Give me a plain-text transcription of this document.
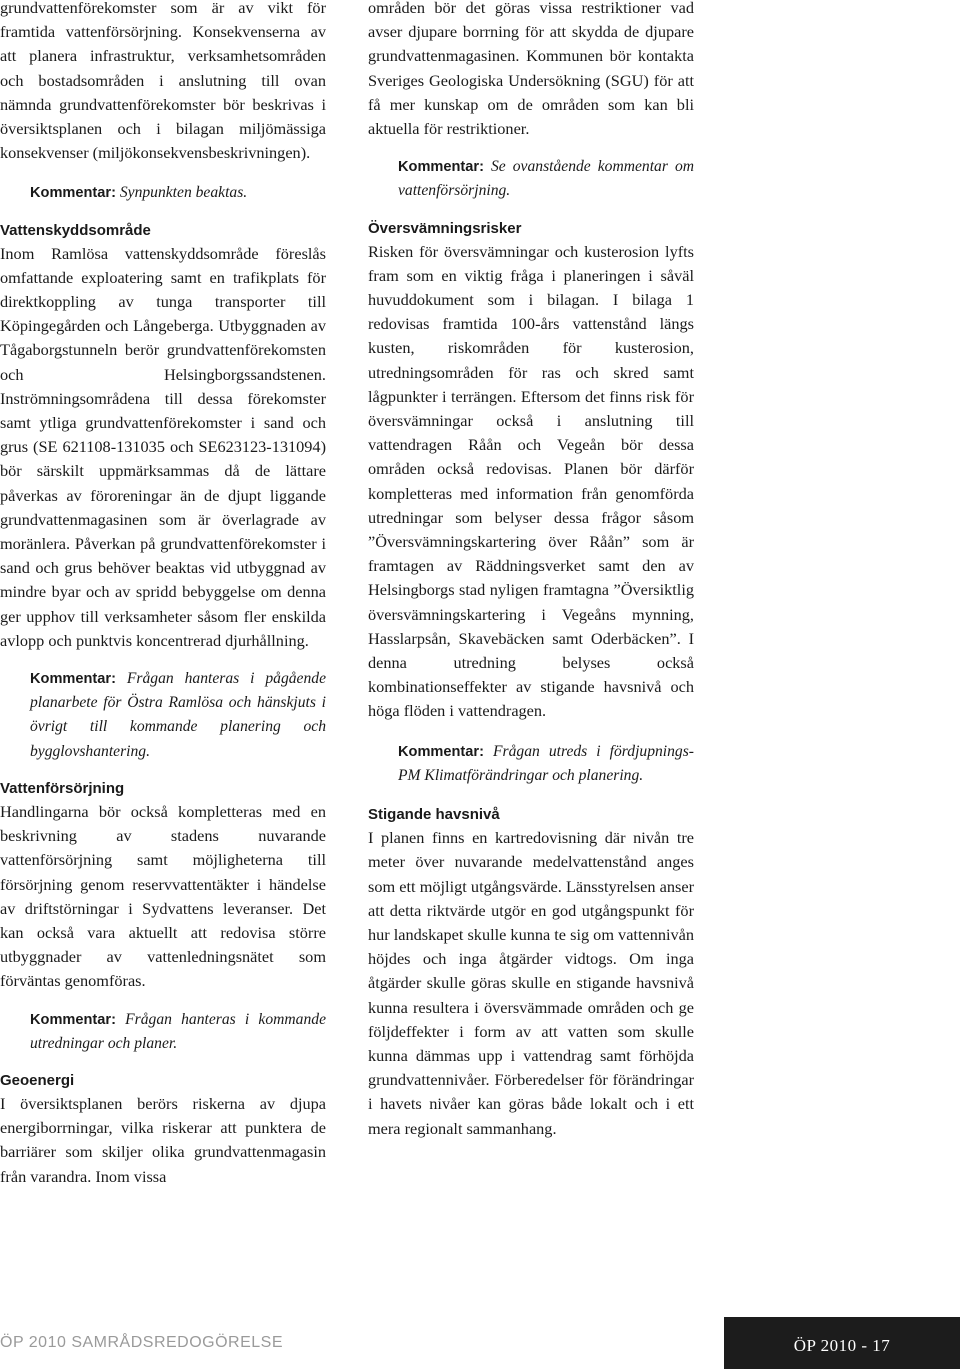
grundvattenförekomster som är av vikt för framtida vattenförsörjning. Konsekvenserna av att planera infrastruktur, verksamhetsområden och bostadsområden i anslutning till ovan nämnda grundvattenförekomster bör beskrivas i översiktsplanen och i bilagan miljömässiga konsekvenser (miljökonsekvensbeskrivningen).

Kommentar: Synpunkten beaktas.

Vattenskyddsområde

Inom Ramlösa vattenskyddsområde föreslås omfattande exploatering samt en trafikplats för direktkoppling av tunga transporter till Köpingegården och Långeberga. Utbyggnaden av Tågaborgstunneln berör grundvattenförekomsten och Helsingborgssandstenen. Inströmningsområdena till dessa förekomster samt ytliga grundvattenförekomster i sand och grus (SE 621108-131035 och SE623123-131094) bör särskilt uppmärksammas då de lättare påverkas av föroreningar än de djupt liggande grundvattenmagasinen som är överlagrade av moränlera. Påverkan på grundvattenförekomster i sand och grus behöver beaktas vid utbyggnad av mindre byar och av spridd bebyggelse om denna ger upphov till verksamheter såsom fler enskilda avlopp och punktvis koncentrerad djurhållning.

Kommentar: Frågan hanteras i pågående planarbete för Östra Ramlösa och hänskjuts i övrigt till kommande planering och bygglovshantering.

Vattenförsörjning

Handlingarna bör också kompletteras med en beskrivning av stadens nuvarande vattenförsörjning samt möjligheterna till försörjning genom reservvattentäkter i händelse av driftstörningar i Sydvattens leveranser. Det kan också vara aktuellt att redovisa större utbyggnader av vattenledningsnätet som förväntas genomföras.

Kommentar: Frågan hanteras i kommande utredningar och planer.

Geoenergi

I översiktsplanen berörs riskerna av djupa energiborrningar, vilka riskerar att punktera de barriärer som skiljer olika grundvattenmagasin från varandra. Inom vissa

områden bör det göras vissa restriktioner vad avser djupare borrning för att skydda de djupare grundvattenmagasinen. Kommunen bör kontakta Sveriges Geologiska Undersökning (SGU) för att få mer kunskap om de områden som kan bli aktuella för restriktioner.

Kommentar: Se ovanstående kommentar om vattenförsörjning.

Översvämningsrisker

Risken för översvämningar och kusterosion lyfts fram som en viktig fråga i planeringen i såväl huvuddokument som i bilagan. I bilaga 1 redovisas framtida 100-års vattenstånd längs kusten, riskområden för kusterosion, utredningsområden för ras och skred samt lågpunkter i terrängen. Eftersom det finns risk för översvämningar också i anslutning till vattendragen Råån och Vegeån bör dessa områden också redovisas. Planen bör därför kompletteras med information från genomförda utredningar som belyser dessa frågor såsom ”Översvämningskartering över Råån” som är framtagen av Räddningsverket samt den av Helsingborgs stad nyligen framtagna ”Översiktlig översvämningskartering i Vegeåns mynning, Hasslarpsån, Skavebäcken samt Oderbäcken”. I denna utredning belyses också kombinationseffekter av stigande havsnivå och höga flöden i vattendragen.

Kommentar: Frågan utreds i fördjupnings-PM Klimatförändringar och planering.

Stigande havsnivå

I planen finns en kartredovisning där nivån tre meter över nuvarande medelvattenstånd anges som ett möjligt utgångsvärde. Länsstyrelsen anser att detta riktvärde utgör en god utgångspunkt för hur landskapet skulle kunna te sig om vattennivån höjdes och inga åtgärder vidtogs. Om inga åtgärder skulle göras skulle en stigande havsnivå kunna resultera i översvämmade områden och ge följdeffekter i form av att vatten som skulle kunna dämmas upp i vattendrag samt förhöjda grundvattennivåer. Förberedelser för förändringar i havets nivåer kan göras både lokalt och i ett mera regionalt sammanhang.

ÖP 2010 SAMRÅDSREDOGÖRELSE	ÖP 2010 - 17
